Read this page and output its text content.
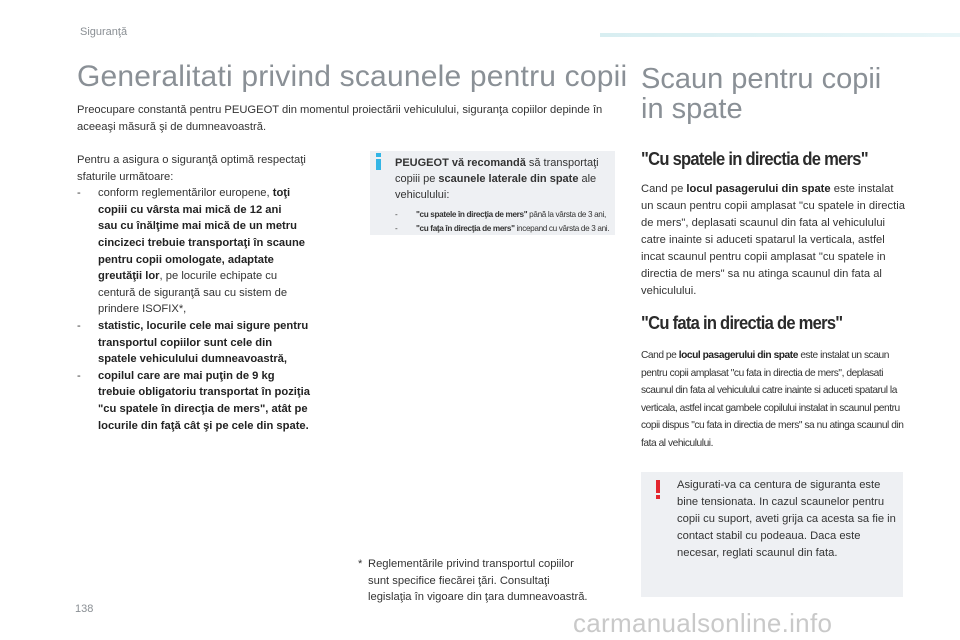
Siguranţă
Generalitati privind scaunele pentru copii

Preocupare constantă pentru PEUGEOT din momentul proiectării vehiculului, siguranţa copiilor depinde în aceeaşi măsură şi de dumneavoastră.

Pentru a asigura o siguranţă optimă respectaţi
sfaturile următoare:
- conform reglementărilor europene, toţi
copiii cu vârsta mai mică de 12 ani
sau cu înălţime mai mică de un metru
cincizeci trebuie transportaţi în scaune
pentru copii omologate, adaptate
greutăţii lor, pe locurile echipate cu
centură de siguranţă sau cu sistem de
prindere ISOFIX*,
- statistic, locurile cele mai sigure pentru
transportul copiilor sunt cele din
spatele vehiculului dumneavoastră,
- copilul care are mai puţin de 9 kg
trebuie obligatoriu transportat în poziţia
"cu spatele în direcţia de mers", atât pe
locurile din faţă cât şi pe cele din spate.
PEUGEOT vă recomandă să transportaţi
copiii pe scaunele laterale din spate ale
vehiculului:
- "cu spatele în direcţia de mers" până la vârsta de 3 ani,
- "cu faţa în direcţia de mers" incepand cu vârsta de 3 ani.
* Reglementările privind transportul copiilor
sunt specifice fiecărei ţări. Consultaţi
legislaţia în vigoare din ţara dumneavoastră.
Scaun pentru copii
in spate
"Cu spatele in directia de mers"

Cand pe locul pasagerului din spate este instalat un scaun pentru copii amplasat "cu spatele in directia de mers", deplasati scaunul din fata al vehiculului catre inainte si aduceti spatarul la verticala, astfel incat scaunul pentru copii amplasat "cu spatele in directia de mers" sa nu atinga scaunul din fata al vehiculului.

"Cu fata in directia de mers"

Cand pe locul pasagerului din spate este instalat un scaun pentru copii amplasat "cu fata in directia de mers", deplasati scaunul din fata al vehiculului catre inainte si aduceti spatarul la verticala, astfel incat gambele copilului instalat in scaunul pentru copii dispus "cu fata in directia de mers" sa nu atinga scaunul din fata al vehiculului.

Asigurati-va ca centura de siguranta este bine tensionata. In cazul scaunelor pentru copii cu suport, aveti grija ca acesta sa fie in contact stabil cu podeaua. Daca este necesar, reglati scaunul din fata.

138	carmanualsonline.info
